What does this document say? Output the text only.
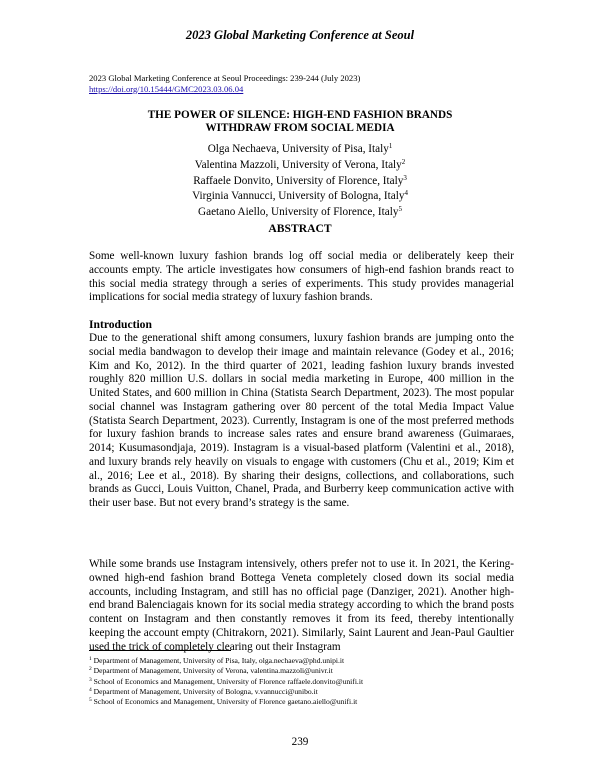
2023 Global Marketing Conference at Seoul
2023 Global Marketing Conference at Seoul Proceedings: 239-244 (July 2023)
https://doi.org/10.15444/GMC2023.03.06.04
THE POWER OF SILENCE: HIGH-END FASHION BRANDS
WITHDRAW FROM SOCIAL MEDIA
Olga Nechaeva, University of Pisa, Italy$^1$
Valentina Mazzoli, University of Verona, Italy$^2$
Raffaele Donvito, University of Florence, Italy$^3$
Virginia Vannucci, University of Bologna, Italy$^4$
Gaetano Aiello, University of Florence, Italy$^5$
ABSTRACT
Some well-known luxury fashion brands log off social media or deliberately keep their accounts empty. The article investigates how consumers of high-end fashion brands react to this social media strategy through a series of experiments. This study provides managerial implications for social media strategy of luxury fashion brands.
Introduction
Due to the generational shift among consumers, luxury fashion brands are jumping onto the social media bandwagon to develop their image and maintain relevance (Godey et al., 2016; Kim and Ko, 2012). In the third quarter of 2021, leading fashion luxury brands invested roughly 820 million U.S. dollars in social media marketing in Europe, 400 million in the United States, and 600 million in China (Statista Search Department, 2023). The most popular social channel was Instagram gathering over 80 percent of the total Media Impact Value (Statista Search Department, 2023). Currently, Instagram is one of the most preferred methods for luxury fashion brands to increase sales rates and ensure brand awareness (Guimaraes, 2014; Kusumasondjaja, 2019). Instagram is a visual-based platform (Valentini et al., 2018), and luxury brands rely heavily on visuals to engage with customers (Chu et al., 2019; Kim et al., 2016; Lee et al., 2018). By sharing their designs, collections, and collaborations, such brands as Gucci, Louis Vuitton, Chanel, Prada, and Burberry keep communication active with their user base. But not every brand’s strategy is the same.
While some brands use Instagram intensively, others prefer not to use it. In 2021, the Kering-owned high-end fashion brand Bottega Veneta completely closed down its social media accounts, including Instagram, and still has no official page (Danziger, 2021). Another high-end brand Balenciagais known for its social media strategy according to which the brand posts content on Instagram and then constantly removes it from its feed, thereby intentionally keeping the account empty (Chitrakorn, 2021). Similarly, Saint Laurent and Jean-Paul Gaultier used the trick of completely clearing out their Instagram
$^1$ Department of Management, University of Pisa, Italy, olga.nechaeva@phd.unipi.it
$^2$ Department of Management, University of Verona, valentina.mazzoli@univr.it
$^3$ School of Economics and Management, University of Florence raffaele.donvito@unifi.it
$^4$ Department of Management, University of Bologna, v.vannucci@unibo.it
$^5$ School of Economics and Management, University of Florence gaetano.aiello@unifi.it
239
